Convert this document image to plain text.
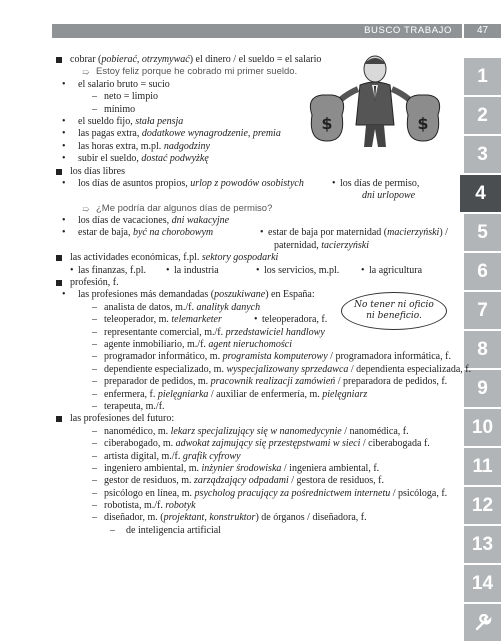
BUSCO TRABAJO	47
1
2
3
4
5
6
7
8
9
10
11
12
13
14
$	$
No tener ni oficio
ni beneficio.
cobrar (pobierać, otrzymywać) el dinero / el sueldo = el salario
➯ Estoy feliz porque he cobrado mi primer sueldo.
• el salario bruto = sucio
– neto = limpio
– mínimo
• el sueldo fijo, stała pensja
• las pagas extra, dodatkowe wynagrodzenie, premia
• las horas extra, m.pl. nadgodziny
• subir el sueldo, dostać podwyżkę
los días libres
• los días de asuntos propios, urlop z powodów osobistych	• los días de permiso,
dni urlopowe
➯ ¿Me podría dar algunos días de permiso?
• los días de vacaciones, dni wakacyjne
• estar de baja, być na chorobowym	• estar de baja por maternidad (macierzyński) /
paternidad, tacierzyński
las actividades económicas, f.pl. sektory gospodarki
• las finanzas, f.pl. • la industria	• los servicios, m.pl. • la agricultura
profesión, f.
• las profesiones más demandadas (poszukiwane) en España:
– analista de datos, m./f. analityk danych
– teleoperador, m. telemarketer	• teleoperadora, f.
– representante comercial, m./f. przedstawiciel handlowy
– agente inmobiliario, m./f. agent nieruchomości
– programador informático, m. programista komputerowy / programadora informática, f.
– dependiente especializado, m. wyspecjalizowany sprzedawca / dependienta especializada, f.
– preparador de pedidos, m. pracownik realizacji zamówień / preparadora de pedidos, f.
– enfermera, f. pielęgniarka / auxiliar de enfermería, m. pielęgniarz
– terapeuta, m./f.
las profesiones del futuro:
– nanomédico, m. lekarz specjalizujący się w nanomedycynie / nanomédica, f.
– ciberabogado, m. adwokat zajmujący się przestępstwami w sieci / ciberabogada f.
– artista digital, m./f. grafik cyfrowy
– ingeniero ambiental, m. inżynier środowiska / ingeniera ambiental, f.
– gestor de residuos, m. zarządzający odpadami / gestora de residuos, f.
– psicólogo en línea, m. psycholog pracujący za pośrednictwem internetu / psicóloga, f.
– robotista, m./f. robotyk
– diseñador, m. (projektant, konstruktor) de órganos / diseñadora, f.
– de inteligencia artificial
